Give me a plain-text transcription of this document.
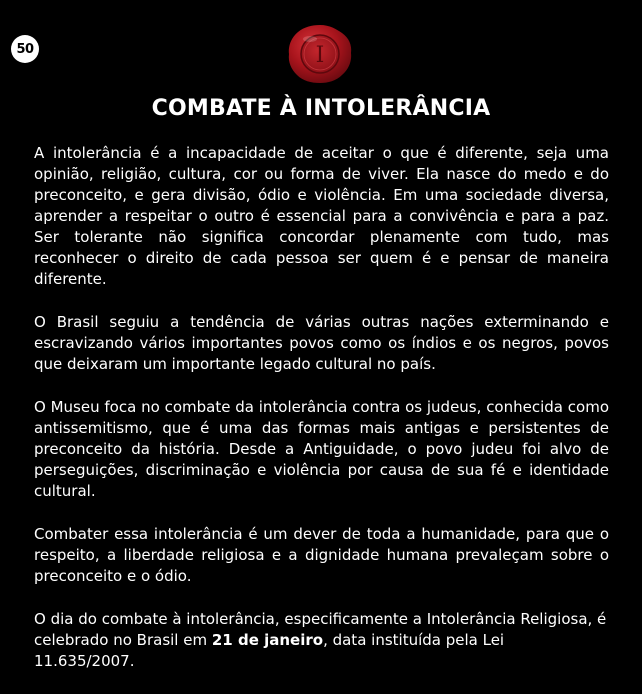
50	I
COMBATE À INTOLERÂNCIA

A intolerância é a incapacidade de aceitar o que é diferente, seja uma opinião, religião, cultura, cor ou forma de viver. Ela nasce do medo e do preconceito, e gera divisão, ódio e violência. Em uma sociedade diversa, aprender a respeitar o outro é essencial para a convivência e para a paz. Ser tolerante não significa concordar plenamente com tudo, mas reconhecer o direito de cada pessoa ser quem é e pensar de maneira diferente.

O Brasil seguiu a tendência de várias outras nações exterminando e escravizando vários importantes povos como os índios e os negros, povos que deixaram um importante legado cultural no país.

O Museu foca no combate da intolerância contra os judeus, conhecida como antissemitismo, que é uma das formas mais antigas e persistentes de preconceito da história. Desde a Antiguidade, o povo judeu foi alvo de perseguições, discriminação e violência por causa de sua fé e identidade cultural.

Combater essa intolerância é um dever de toda a humanidade, para que o respeito, a liberdade religiosa e a dignidade humana prevaleçam sobre o preconceito e o ódio.

O dia do combate à intolerância, especificamente a Intolerância Religiosa, é celebrado no Brasil em 21 de janeiro, data instituída pela Lei 11.635/2007.
